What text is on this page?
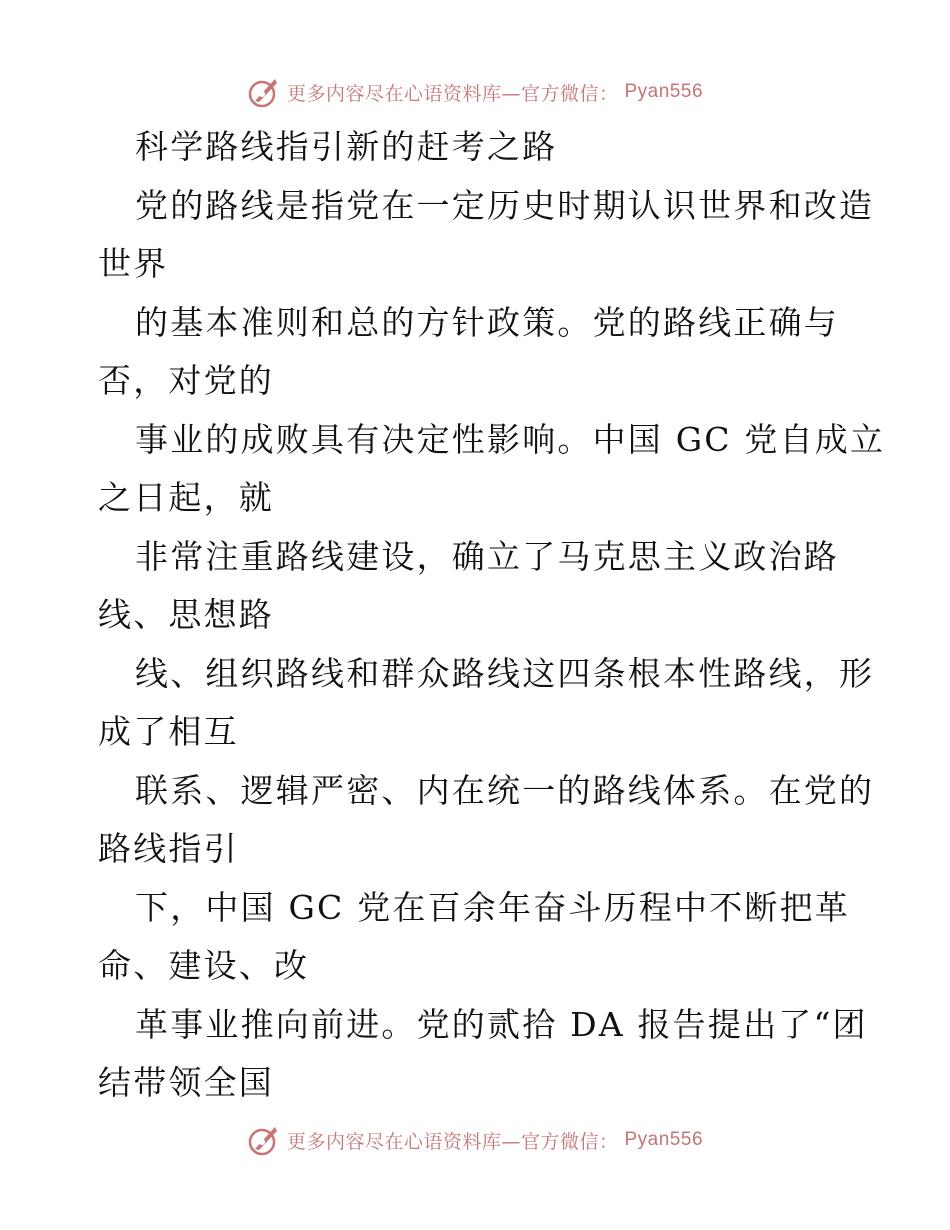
更多内容尽在心语资料库—官方微信： Pyan556
科学路线指引新的赶考之路
党的路线是指党在一定历史时期认识世界和改造
世界
的基本准则和总的方针政策。党的路线正确与
否，对党的
事业的成败具有决定性影响。中国 GC 党自成立
之日起，就
非常注重路线建设，确立了马克思主义政治路
线、思想路
线、组织路线和群众路线这四条根本性路线，形
成了相互
联系、逻辑严密、内在统一的路线体系。在党的
路线指引
下，中国 GC 党在百余年奋斗历程中不断把革
命、建设、改
革事业推向前进。党的贰拾 DA 报告提出了“团
结带领全国
更多内容尽在心语资料库—官方微信： Pyan556
